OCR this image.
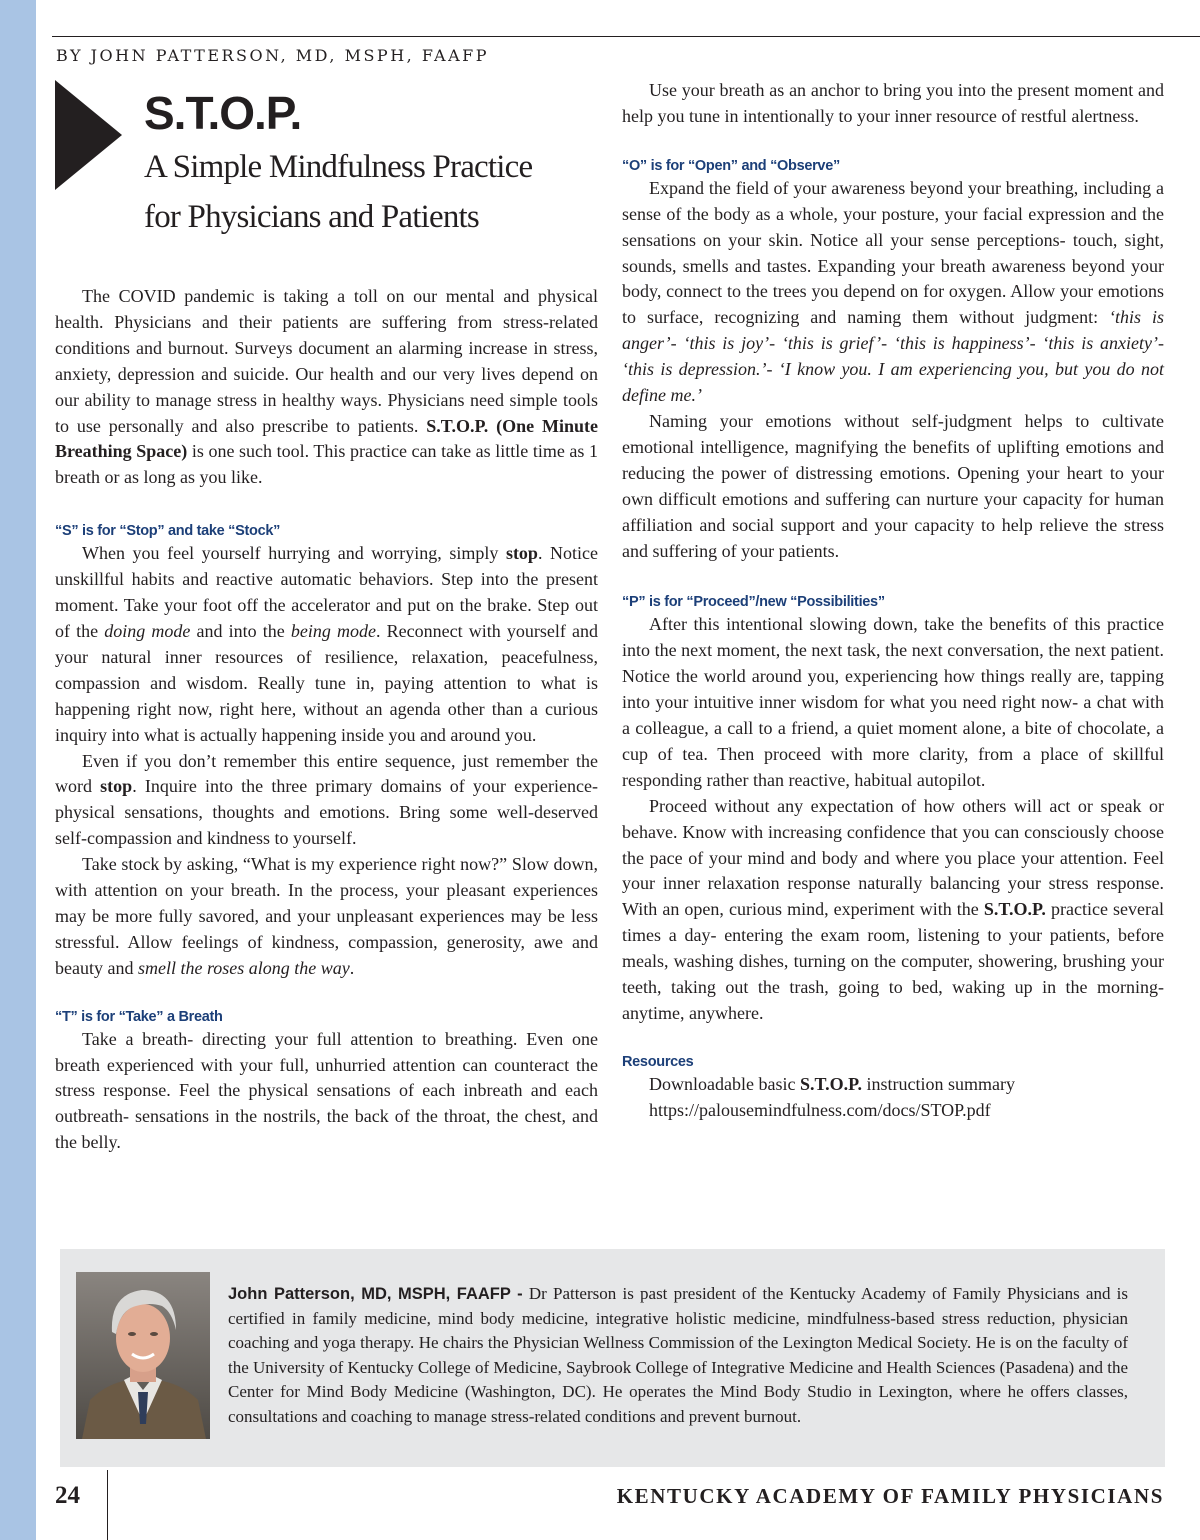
BY JOHN PATTERSON, MD, MSPH, FAAFP
S.T.O.P.
A Simple Mindfulness Practice
for Physicians and Patients

The COVID pandemic is taking a toll on our mental and physical health. Physicians and their patients are suffering from stress-related conditions and burnout. Surveys document an alarming increase in stress, anxiety, depression and suicide. Our health and our very lives depend on our ability to manage stress in healthy ways. Physicians need simple tools to use personally and also prescribe to patients. S.T.O.P. (One Minute Breathing Space) is one such tool. This practice can take as little time as 1 breath or as long as you like.

“S” is for “Stop” and take “Stock”

When you feel yourself hurrying and worrying, simply stop. Notice unskillful habits and reactive automatic behaviors. Step into the present moment. Take your foot off the accelerator and put on the brake. Step out of the doing mode and into the being mode. Reconnect with yourself and your natural inner resources of resilience, relaxation, peacefulness, compassion and wisdom. Really tune in, paying attention to what is happening right now, right here, without an agenda other than a curious inquiry into what is actually happening inside you and around you.

Even if you don’t remember this entire sequence, just remember the word stop. Inquire into the three primary domains of your experience- physical sensations, thoughts and emotions. Bring some well-deserved self-compassion and kindness to yourself.

Take stock by asking, “What is my experience right now?” Slow down, with attention on your breath. In the process, your pleasant experiences may be more fully savored, and your unpleasant experiences may be less stressful. Allow feelings of kindness, compassion, generosity, awe and beauty and smell the roses along the way.

“T” is for “Take” a Breath

Take a breath- directing your full attention to breathing. Even one breath experienced with your full, unhurried attention can counteract the stress response. Feel the physical sensations of each inbreath and each outbreath- sensations in the nostrils, the back of the throat, the chest, and the belly.

Use your breath as an anchor to bring you into the present moment and help you tune in intentionally to your inner resource of restful alertness.

“O” is for “Open” and “Observe”

Expand the field of your awareness beyond your breathing, including a sense of the body as a whole, your posture, your facial expression and the sensations on your skin. Notice all your sense perceptions- touch, sight, sounds, smells and tastes. Expanding your breath awareness beyond your body, connect to the trees you depend on for oxygen. Allow your emotions to surface, recognizing and naming them without judgment: ‘this is anger’- ‘this is joy’- ‘this is grief’- ‘this is happiness’- ‘this is anxiety’- ‘this is depression.’- ‘I know you. I am experiencing you, but you do not define me.’

Naming your emotions without self-judgment helps to cultivate emotional intelligence, magnifying the benefits of uplifting emotions and reducing the power of distressing emotions. Opening your heart to your own difficult emotions and suffering can nurture your capacity for human affiliation and social support and your capacity to help relieve the stress and suffering of your patients.

“P” is for “Proceed”/new “Possibilities”

After this intentional slowing down, take the benefits of this practice into the next moment, the next task, the next conversation, the next patient. Notice the world around you, experiencing how things really are, tapping into your intuitive inner wisdom for what you need right now- a chat with a colleague, a call to a friend, a quiet moment alone, a bite of chocolate, a cup of tea. Then proceed with more clarity, from a place of skillful responding rather than reactive, habitual autopilot.

Proceed without any expectation of how others will act or speak or behave. Know with increasing confidence that you can consciously choose the pace of your mind and body and where you place your attention. Feel your inner relaxation response naturally balancing your stress response. With an open, curious mind, experiment with the S.T.O.P. practice several times a day- entering the exam room, listening to your patients, before meals, washing dishes, turning on the computer, showering, brushing your teeth, taking out the trash, going to bed, waking up in the morning- anytime, anywhere.

Resources

Downloadable basic S.T.O.P. instruction summary

https://palousemindfulness.com/docs/STOP.pdf

John Patterson, MD, MSPH, FAAFP - Dr Patterson is past president of the Kentucky Academy of Family Physicians and is certified in family medicine, mind body medicine, integrative holistic medicine, mindfulness-based stress reduction, physician coaching and yoga therapy. He chairs the Physician Wellness Commission of the Lexington Medical Society. He is on the faculty of the University of Kentucky College of Medicine, Saybrook College of Integrative Medicine and Health Sciences (Pasadena) and the Center for Mind Body Medicine (Washington, DC). He operates the Mind Body Studio in Lexington, where he offers classes, consultations and coaching to manage stress-related conditions and prevent burnout.
24	KENTUCKY ACADEMY OF FAMILY PHYSICIANS
